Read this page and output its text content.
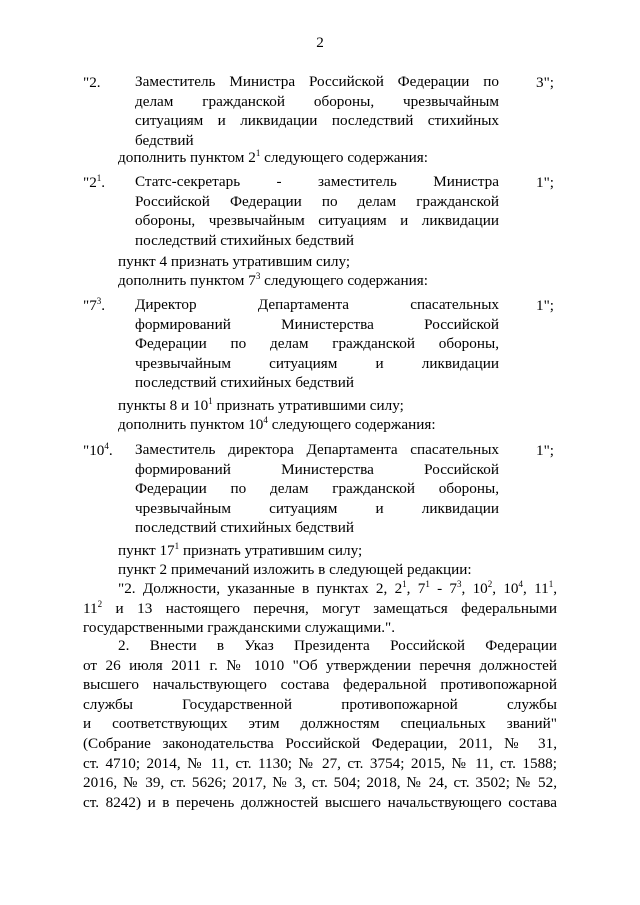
2
"2. Заместитель Министра Российской Федерации по
делам гражданской обороны, чрезвычайным
ситуациям и ликвидации последствий стихийных
бедствий
3";
дополнить пунктом $2^1$ следующего содержания:
"$2^1$. Статс-секретарь - заместитель Министра
Российской Федерации по делам гражданской
обороны, чрезвычайным ситуациям и ликвидации
последствий стихийных бедствий
1";
пункт 4 признать утратившим силу;
дополнить пунктом $7^3$ следующего содержания:
"$7^3$. Директор Департамента спасательных
формирований Министерства Российской
Федерации по делам гражданской обороны,
чрезвычайным ситуациям и ликвидации
последствий стихийных бедствий
1";
пункты 8 и $10^1$ признать утратившими силу;
дополнить пунктом $10^4$ следующего содержания:
"$10^4$. Заместитель директора Департамента спасательных
формирований Министерства Российской
Федерации по делам гражданской обороны,
чрезвычайным ситуациям и ликвидации
последствий стихийных бедствий
1";
пункт $17^1$ признать утратившим силу;
пункт 2 примечаний изложить в следующей редакции:
"2. Должности, указанные в пунктах 2, $2^1$, $7^1 - 7^3$, $10^2$, $10^4$, $11^1$,
$11^2$ и 13 настоящего перечня, могут замещаться федеральными
государственными гражданскими служащими.".
2. Внести в Указ Президента Российской Федерации
от 26 июля 2011 г. № 1010 "Об утверждении перечня должностей
высшего начальствующего состава федеральной противопожарной
службы Государственной противопожарной службы
и соответствующих этим должностям специальных званий"
(Собрание законодательства Российской Федерации, 2011, № 31,
ст. 4710; 2014, № 11, ст. 1130; № 27, ст. 3754; 2015, № 11, ст. 1588;
2016, № 39, ст. 5626; 2017, № 3, ст. 504; 2018, № 24, ст. 3502; № 52,
ст. 8242) и в перечень должностей высшего начальствующего состава
